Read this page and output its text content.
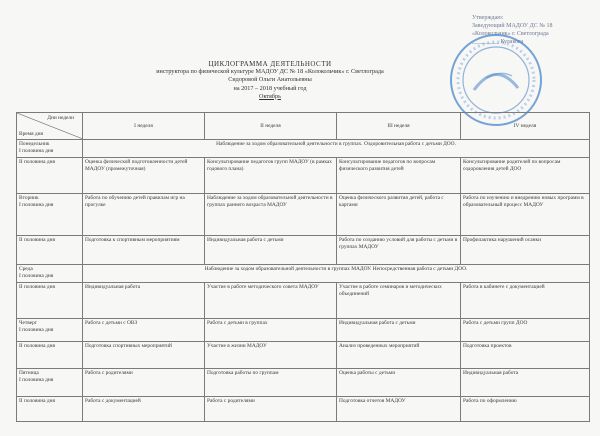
Утверждаю:
Заведующий МАДОУ ДС № 18
«Колокольчик» г. Светлограда
_________ Кулакова
ЦИКЛОГРАММА ДЕЯТЕЛЬНОСТИ
инструктора по физической культуре МАДОУ ДС № 18 «Колокольчик» г. Светлограда
Сидоровой Ольги Анатольевны
на 2017 – 2018 учебный год
Октябрь
Дни недели
Время дня	I неделя	II неделя	III неделя	IV неделя

Понедельник
I половина дня	Наблюдение за ходом образовательной деятельности в группах. Оздоровительная работа с детьми ДОО.			
II половина дня	Оценка физической подготовленности детей МАДОУ (промежуточная)	Консультирование педагогов групп МАДОУ (в рамках годового плана)	Консультирование педагогов по вопросам физического развития детей	Консультирование родителей по вопросам оздоровления детей ДОО

Вторник
I половина дня	Работа по обучению детей правилам игр на прогулке	Наблюдение за ходом образовательной деятельности в группах раннего возраста МАДОУ	Оценка физического развития детей, работа с картами	Работа по изучению и внедрению новых программ в образовательный процесс МАДОУ
II половина дня	Подготовка к спортивным мероприятиям	Индивидуальная работа с детьми	Работа по созданию условий для работы с детьми в группах МАДОУ	Профилактика нарушений осанки

Среда
I половина дня	Наблюдение за ходом образовательной деятельности в группах МАДОУ. Непосредственная работа с детьми ДОО.			
II половина дня	Индивидуальная работа	Участие в работе методического совета МАДОУ	Участие в работе семинаров и методических объединений	Работа в кабинете с документацией

Четверг
I половина дня	Работа с детьми с ОВЗ	Работа с детьми в группах	Индивидуальная работа с детьми	Работа с детьми групп ДОО
II половина дня	Подготовка спортивных мероприятий	Участие в жизни МАДОУ	Анализ проведенных мероприятий	Подготовка проектов

Пятница
I половина дня	Работа с родителями	Подготовка работы по группам	Оценка работы с детьми	Индивидуальная работа
II половина дня	Работа с документацией	Работа с родителями	Подготовка отчетов МАДОУ	Работа по оформлению
